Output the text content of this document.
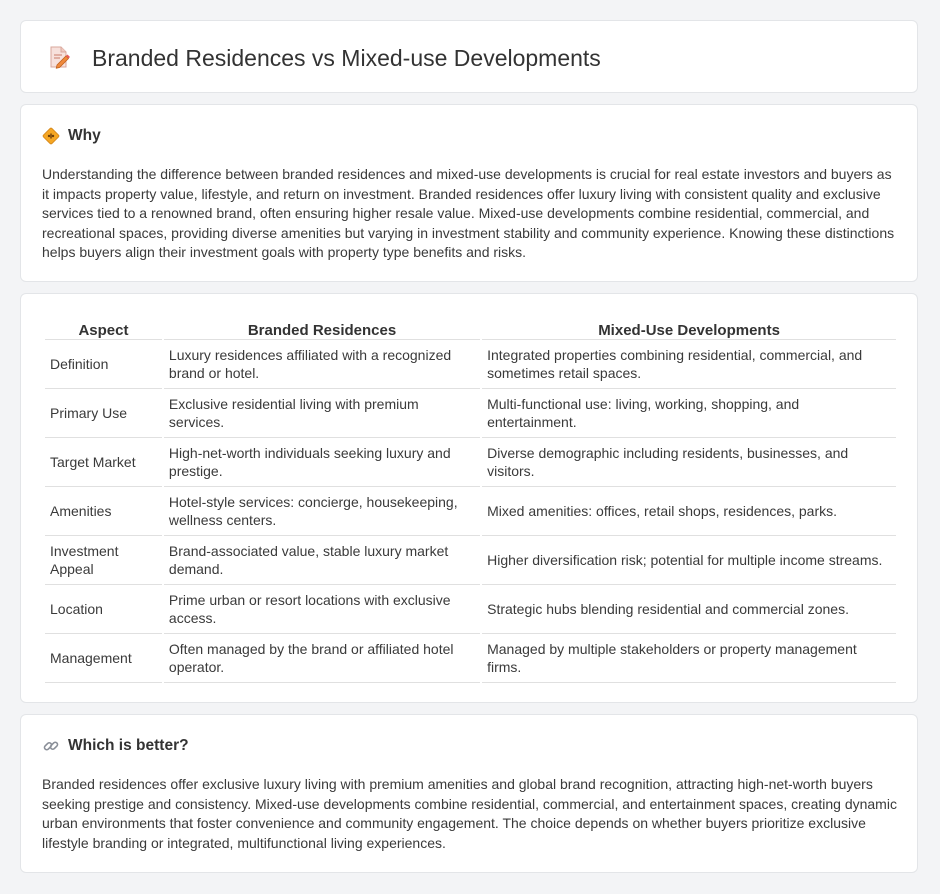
Branded Residences vs Mixed-use Developments
Why

Understanding the difference between branded residences and mixed-use developments is crucial for real estate investors and buyers as it impacts property value, lifestyle, and return on investment. Branded residences offer luxury living with consistent quality and exclusive services tied to a renowned brand, often ensuring higher resale value. Mixed-use developments combine residential, commercial, and recreational spaces, providing diverse amenities but varying in investment stability and community experience. Knowing these distinctions helps buyers align their investment goals with property type benefits and risks.

Aspect	Branded Residences	Mixed-Use Developments
Definition	Luxury residences affiliated with a recognized brand or hotel.	Integrated properties combining residential, commercial, and sometimes retail spaces.
Primary Use	Exclusive residential living with premium services.	Multi-functional use: living, working, shopping, and entertainment.
Target Market	High-net-worth individuals seeking luxury and prestige.	Diverse demographic including residents, businesses, and visitors.
Amenities	Hotel-style services: concierge, housekeeping, wellness centers.	Mixed amenities: offices, retail shops, residences, parks.
Investment Appeal	Brand-associated value, stable luxury market demand.	Higher diversification risk; potential for multiple income streams.
Location	Prime urban or resort locations with exclusive access.	Strategic hubs blending residential and commercial zones.
Management	Often managed by the brand or affiliated hotel operator.	Managed by multiple stakeholders or property management firms.
Which is better?

Branded residences offer exclusive luxury living with premium amenities and global brand recognition, attracting high-net-worth buyers seeking prestige and consistency. Mixed-use developments combine residential, commercial, and entertainment spaces, creating dynamic urban environments that foster convenience and community engagement. The choice depends on whether buyers prioritize exclusive lifestyle branding or integrated, multifunctional living experiences.
